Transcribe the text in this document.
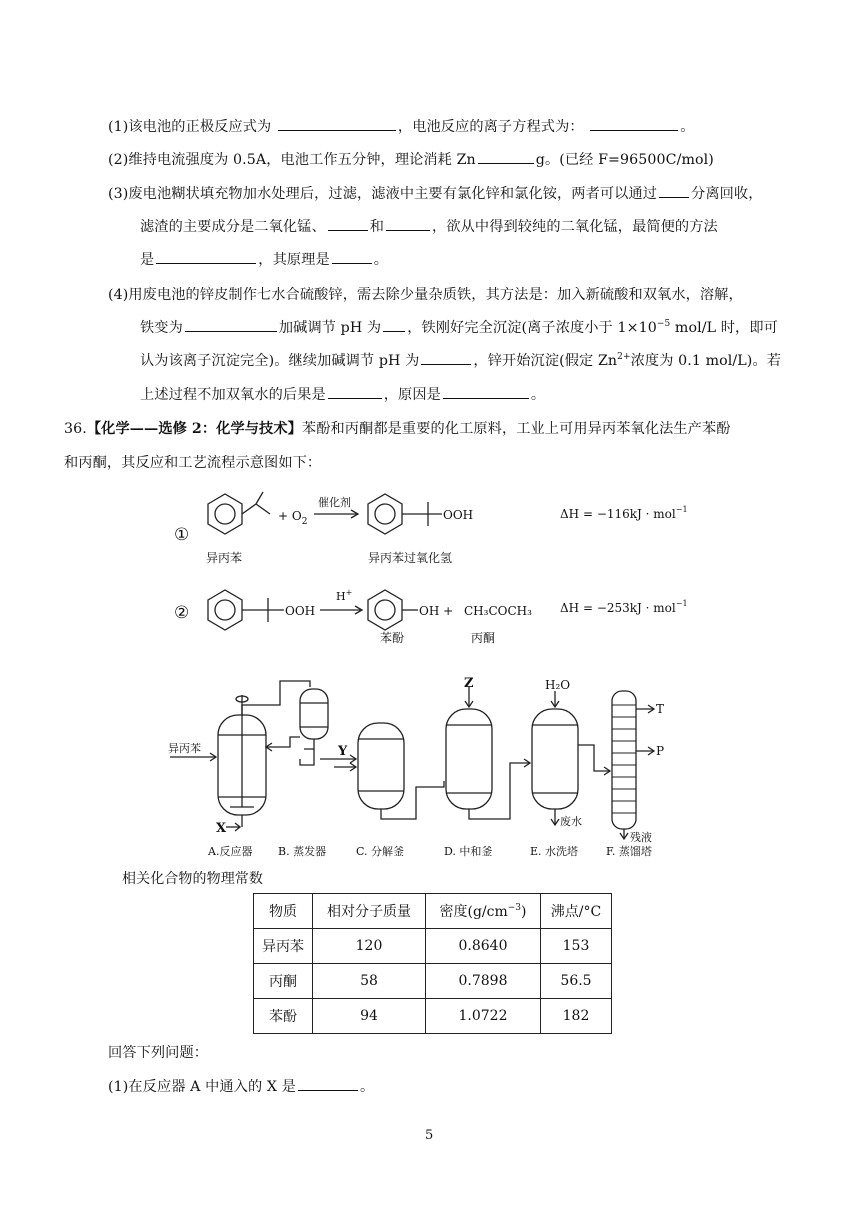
(1)该电池的正极反应式为	，电池反应的离子方程式为：	。
(2)维持电流强度为 0.5A，电池工作五分钟，理论消耗 Zn	g。(已经 F=96500C/mol)
(3)废电池糊状填充物加水处理后，过滤，滤液中主要有氯化锌和氯化铵，两者可以通过 分离回收，
滤渣的主要成分是二氧化锰、	和	，欲从中得到较纯的二氧化锰，最简便的方法
是	，其原理是	。
(4)用废电池的锌皮制作七水合硫酸锌，需去除少量杂质铁，其方法是：加入新硫酸和双氧水，溶解，
铁变为	加碱调节 pH 为 ，铁刚好完全沉淀(离子浓度小于 $1\times 10^{-5}$ mol/L 时，即可
认为该离子沉淀完全)。继续加碱调节 pH 为	，锌开始沉淀(假定 $Zn^{2+}$浓度为 0.1 mol/L)。若
上述过程不加双氧水的后果是	，原因是	。
36.【化学——选修 2：化学与技术】苯酚和丙酮都是重要的化工原料，工业上可用异丙苯氧化法生产苯酚
和丙酮，其反应和工艺流程示意图如下：
①
+ $O_2$
催化剂
OOH	ΔH = −116kJ · mol$^{-1}$
异丙苯	异丙苯过氧化氢
②	OOH
H+
OH + CH₃COCH₃ ΔH = −253kJ · mol$^{-1}$
苯酚	丙酮
异丙苯
X
Y
Z	H₂O
T
P
废水
残液
A.反应器 B. 蒸发器	C. 分解釜	D. 中和釜	E. 水洗塔	F. 蒸馏塔
相关化合物的物理常数
物质	相对分子质量	密度$(g/cm^{-3})$	沸点/°C
异丙苯	120	0.8640	153
丙酮	58	0.7898	56.5
苯酚	94	1.0722	182
回答下列问题：
(1)在反应器 A 中通入的 X 是	。
5
